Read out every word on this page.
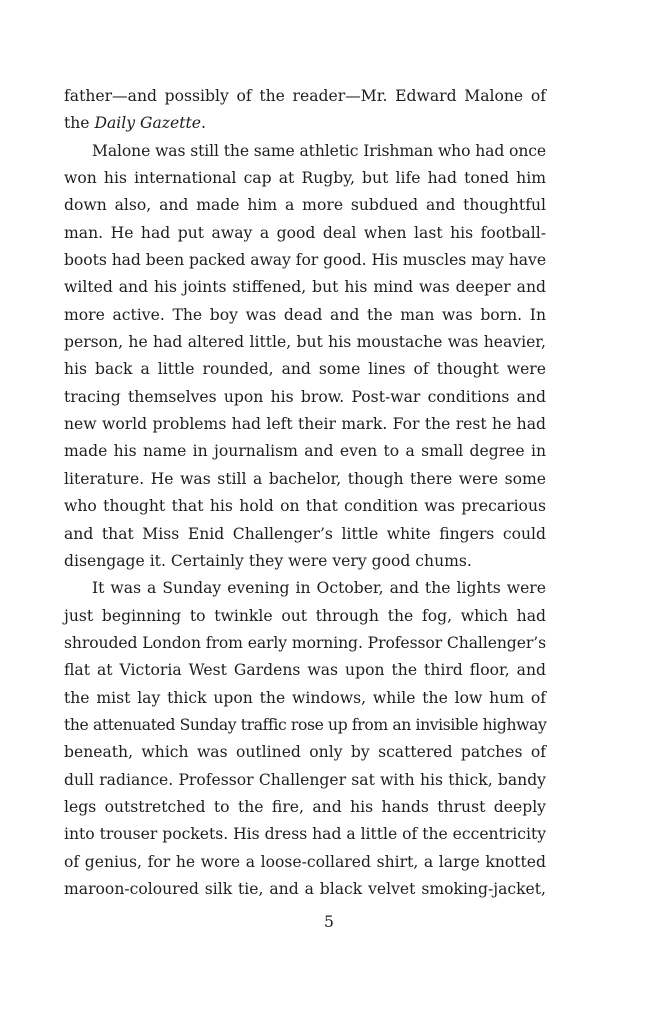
father—and possibly of the reader—Mr. Edward Malone of
the Daily Gazette.
Malone was still the same athletic Irishman who had once
won his international cap at Rugby, but life had toned him
down also, and made him a more subdued and thoughtful
man. He had put away a good deal when last his football-
boots had been packed away for good. His muscles may have
wilted and his joints stiffened, but his mind was deeper and
more active. The boy was dead and the man was born. In
person, he had altered little, but his moustache was heavier,
his back a little rounded, and some lines of thought were
tracing themselves upon his brow. Post-war conditions and
new world problems had left their mark. For the rest he had
made his name in journalism and even to a small degree in
literature. He was still a bachelor, though there were some
who thought that his hold on that condition was precarious
and that Miss Enid Challenger’s little white fingers could
disengage it. Certainly they were very good chums.
It was a Sunday evening in October, and the lights were
just beginning to twinkle out through the fog, which had
shrouded London from early morning. Professor Challenger’s
flat at Victoria West Gardens was upon the third floor, and
the mist lay thick upon the windows, while the low hum of
the attenuated Sunday traffic rose up from an invisible highway
beneath, which was outlined only by scattered patches of
dull radiance. Professor Challenger sat with his thick, bandy
legs outstretched to the fire, and his hands thrust deeply
into trouser pockets. His dress had a little of the eccentricity
of genius, for he wore a loose-collared shirt, a large knotted
maroon-coloured silk tie, and a black velvet smoking-jacket,
5
